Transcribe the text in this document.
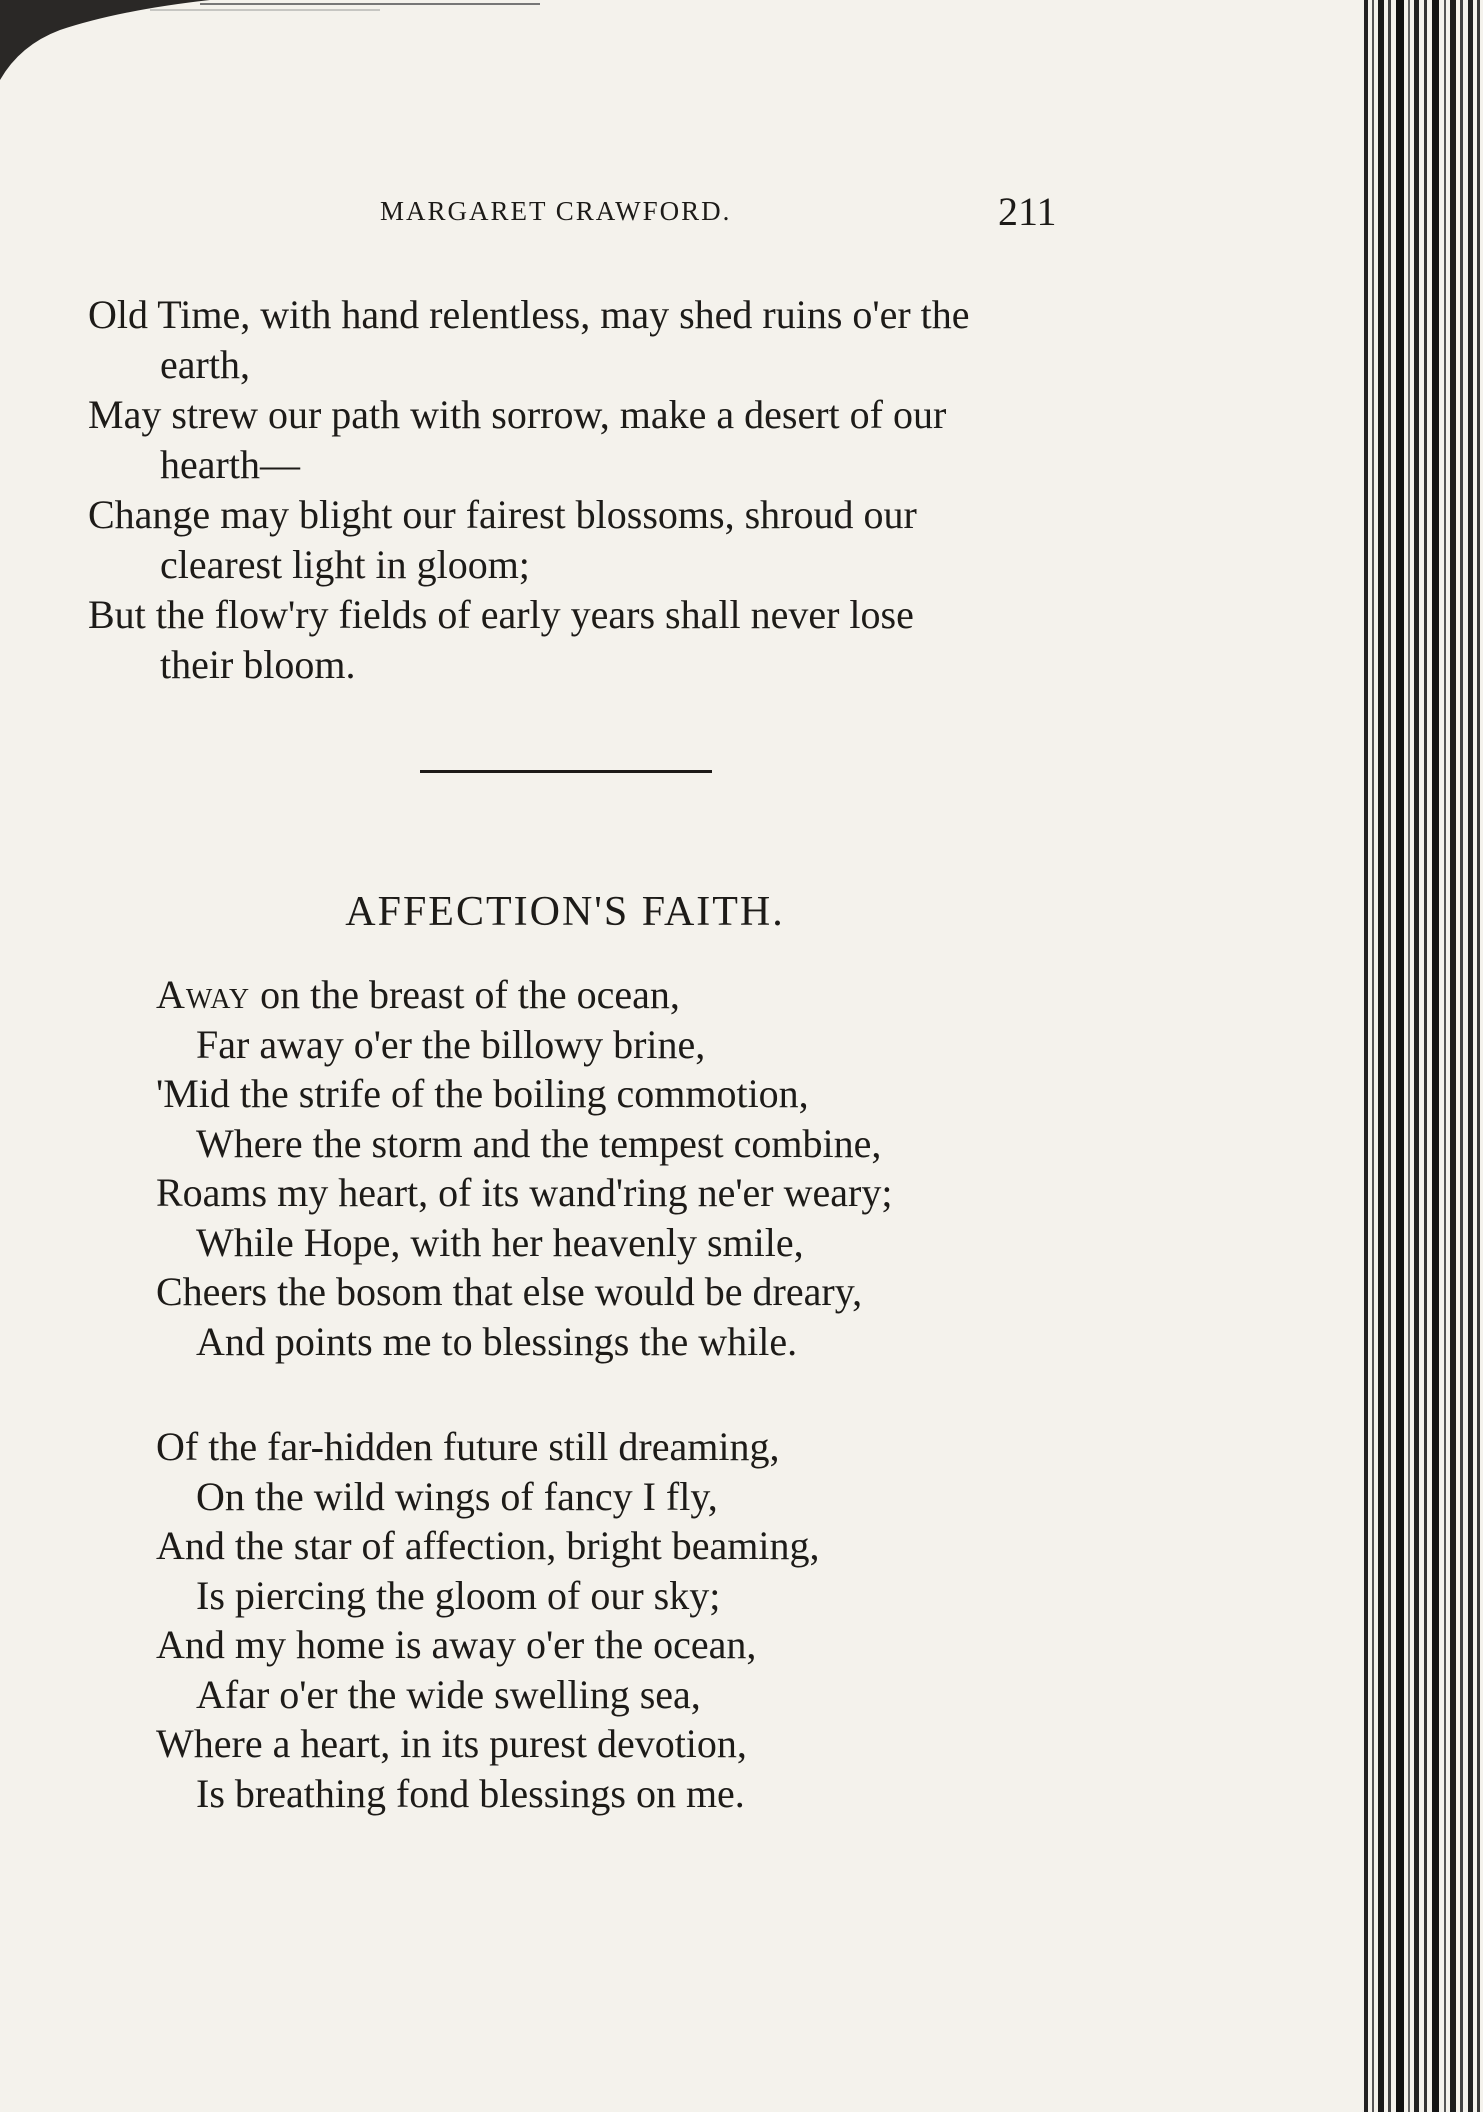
MARGARET CRAWFORD.	211
Old Time, with hand relentless, may shed ruins o'er the
earth,
May strew our path with sorrow, make a desert of our
hearth—
Change may blight our fairest blossoms, shroud our
clearest light in gloom;
But the flow'ry fields of early years shall never lose
their bloom.
AFFECTION'S FAITH.
Away on the breast of the ocean,
Far away o'er the billowy brine,
'Mid the strife of the boiling commotion,
Where the storm and the tempest combine,
Roams my heart, of its wand'ring ne'er weary;
While Hope, with her heavenly smile,
Cheers the bosom that else would be dreary,
And points me to blessings the while.
Of the far-hidden future still dreaming,
On the wild wings of fancy I fly,
And the star of affection, bright beaming,
Is piercing the gloom of our sky;
And my home is away o'er the ocean,
Afar o'er the wide swelling sea,
Where a heart, in its purest devotion,
Is breathing fond blessings on me.
